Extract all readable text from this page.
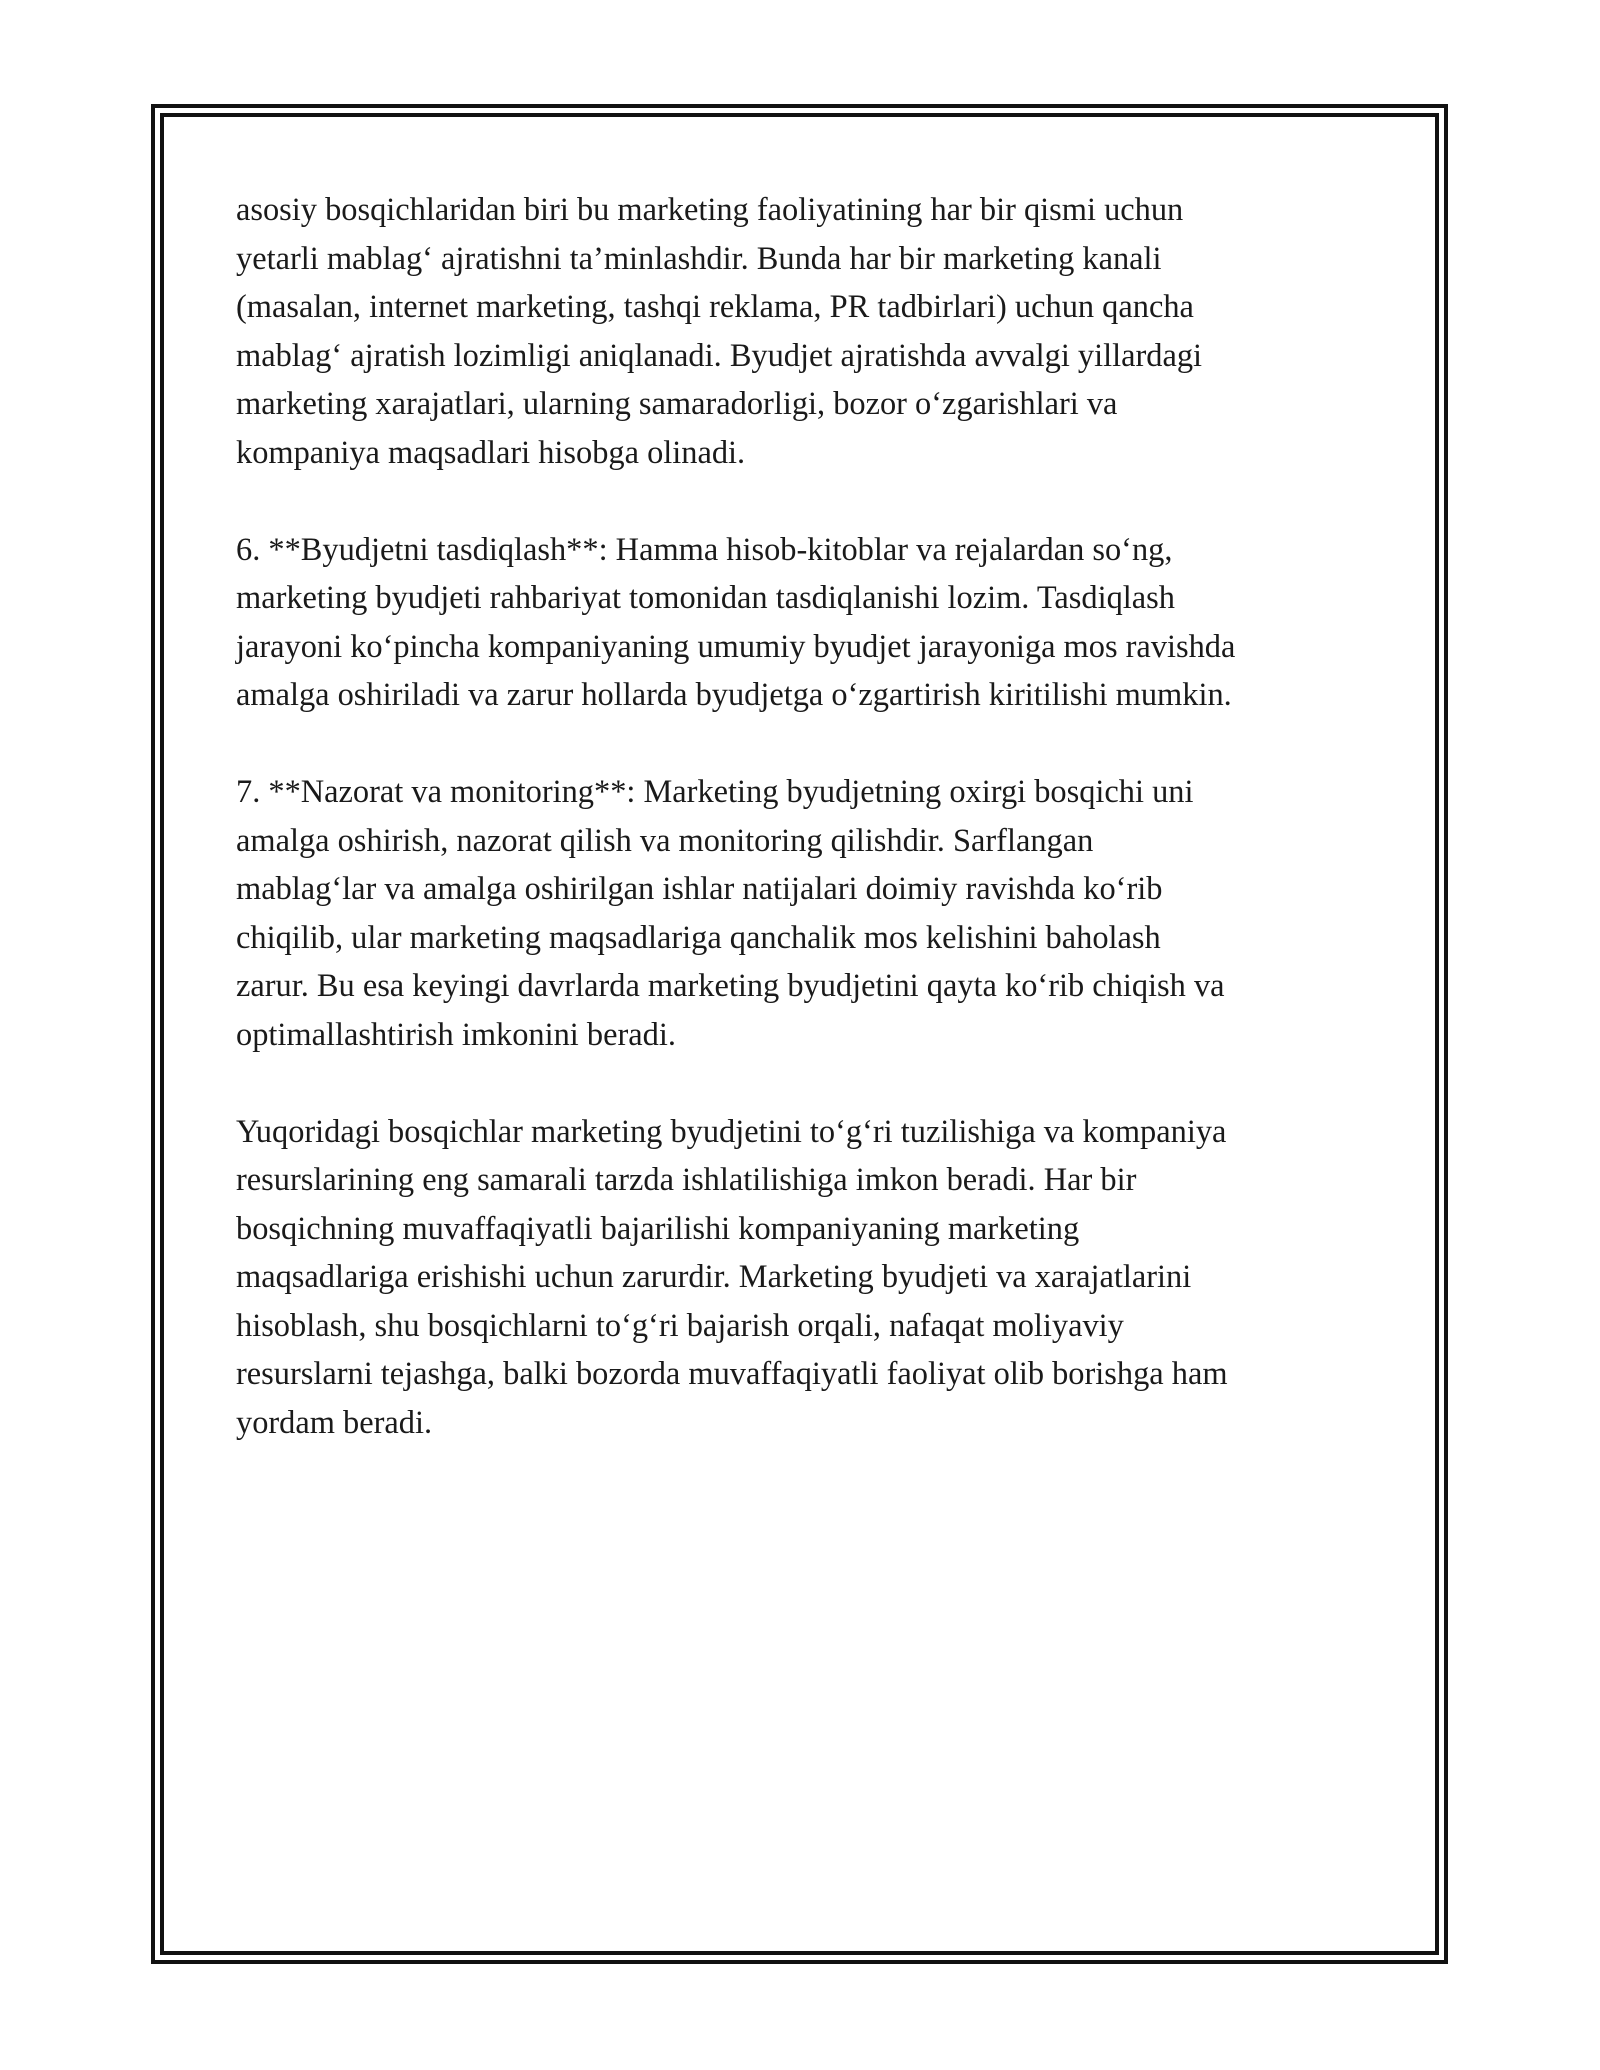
asosiy bosqichlaridan biri bu marketing faoliyatining har bir qismi uchun
yetarli mablag‘ ajratishni ta’minlashdir. Bunda har bir marketing kanali
(masalan, internet marketing, tashqi reklama, PR tadbirlari) uchun qancha
mablag‘ ajratish lozimligi aniqlanadi. Byudjet ajratishda avvalgi yillardagi
marketing xarajatlari, ularning samaradorligi, bozor o‘zgarishlari va
kompaniya maqsadlari hisobga olinadi.

6. **Byudjetni tasdiqlash**: Hamma hisob-kitoblar va rejalardan so‘ng,
marketing byudjeti rahbariyat tomonidan tasdiqlanishi lozim. Tasdiqlash
jarayoni ko‘pincha kompaniyaning umumiy byudjet jarayoniga mos ravishda
amalga oshiriladi va zarur hollarda byudjetga o‘zgartirish kiritilishi mumkin.

7. **Nazorat va monitoring**: Marketing byudjetning oxirgi bosqichi uni
amalga oshirish, nazorat qilish va monitoring qilishdir. Sarflangan
mablag‘lar va amalga oshirilgan ishlar natijalari doimiy ravishda ko‘rib
chiqilib, ular marketing maqsadlariga qanchalik mos kelishini baholash
zarur. Bu esa keyingi davrlarda marketing byudjetini qayta ko‘rib chiqish va
optimallashtirish imkonini beradi.

Yuqoridagi bosqichlar marketing byudjetini to‘g‘ri tuzilishiga va kompaniya
resurslarining eng samarali tarzda ishlatilishiga imkon beradi. Har bir
bosqichning muvaffaqiyatli bajarilishi kompaniyaning marketing
maqsadlariga erishishi uchun zarurdir. Marketing byudjeti va xarajatlarini
hisoblash, shu bosqichlarni to‘g‘ri bajarish orqali, nafaqat moliyaviy
resurslarni tejashga, balki bozorda muvaffaqiyatli faoliyat olib borishga ham
yordam beradi.
